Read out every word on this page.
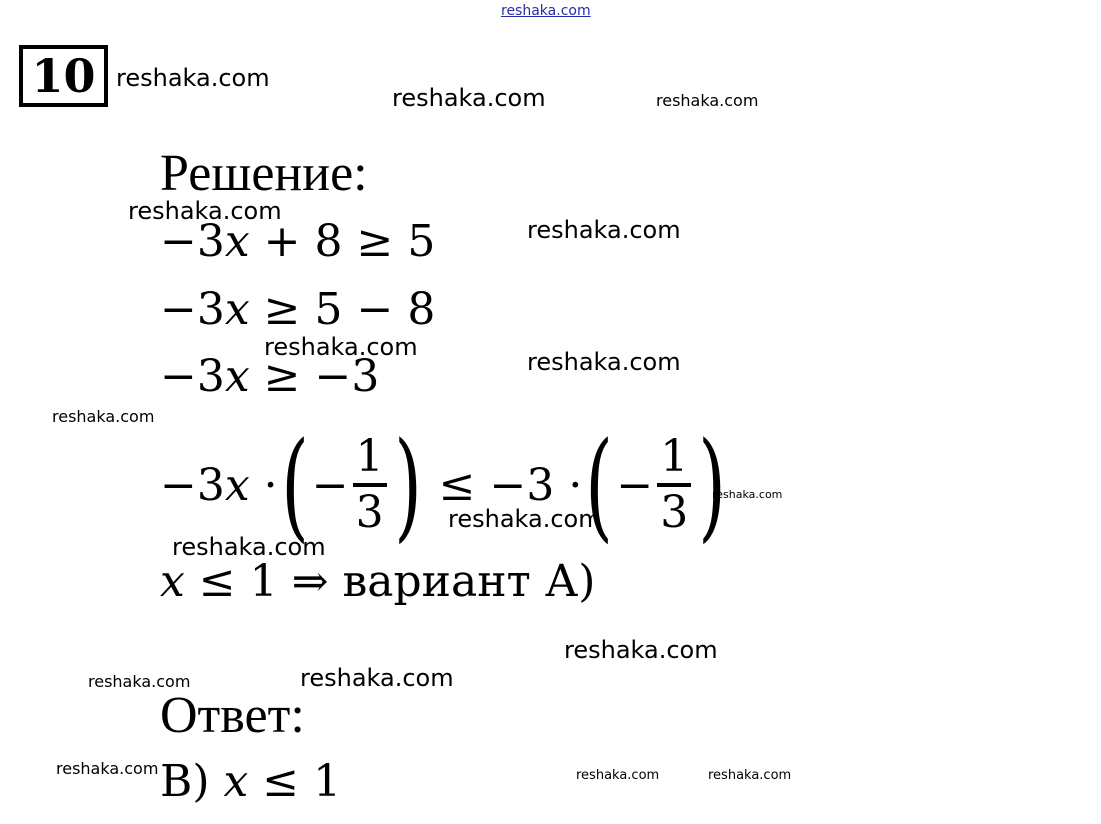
reshaka.com
10 reshaka.com
reshaka.com	reshaka.com
Решение:
reshaka.com
reshaka.com
−3𝑥 + 8 ≥ 5
−3𝑥 ≥ 5 − 8
−3𝑥 ≥ −3
reshaka.com
reshaka.com
reshaka.com
−3𝑥 · ( − $\frac{1}{3}$ ) ≤ −3 · ( − $\frac{1}{3}$ )
reshaka.com
reshaka.com
reshaka.com
𝑥 ≤ 1 ⇒ вариант А)
reshaka.com
reshaka.com
reshaka.com
Ответ:
reshaka.com В) 𝑥 ≤ 1	reshaka.com	reshaka.com
